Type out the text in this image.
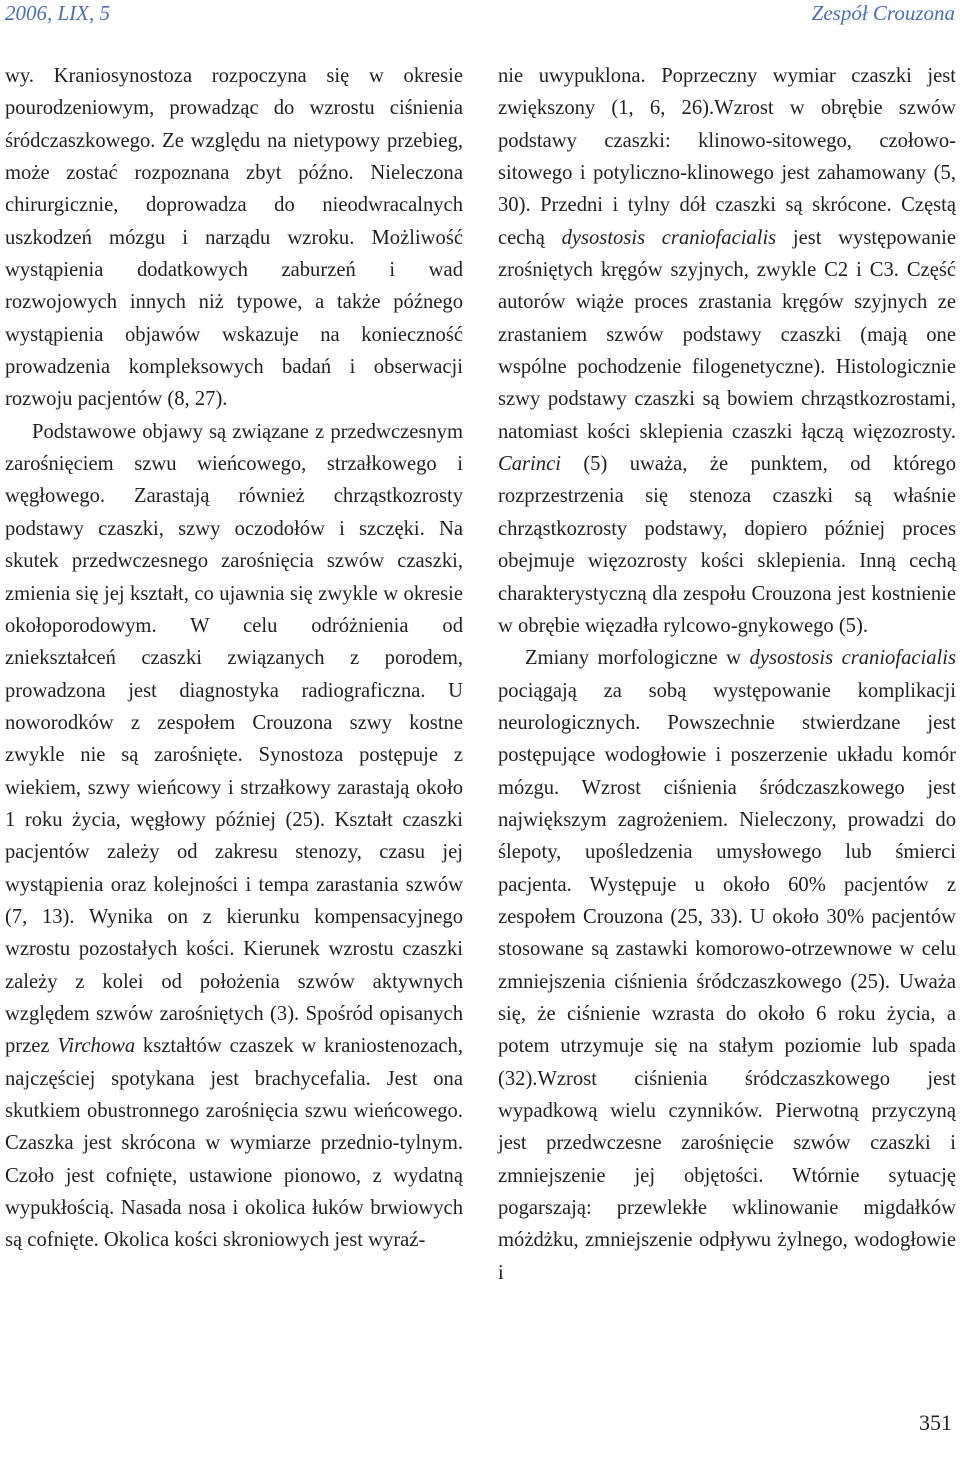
2006, LIX, 5	Zespół Crouzona

wy. Kraniosynostoza rozpoczyna się w okresie pourodzeniowym, prowadząc do wzrostu ciśnienia śródczaszkowego. Ze względu na nietypowy przebieg, może zostać rozpoznana zbyt późno. Nieleczona chirurgicznie, doprowadza do nieodwracalnych uszkodzeń mózgu i narządu wzroku. Możliwość wystąpienia dodatkowych zaburzeń i wad rozwojowych innych niż typowe, a także późnego wystąpienia objawów wskazuje na konieczność prowadzenia kompleksowych badań i obserwacji rozwoju pacjentów (8, 27).

Podstawowe objawy są związane z przedwczesnym zarośnięciem szwu wieńcowego, strzałkowego i węgłowego. Zarastają również chrząstkozrosty podstawy czaszki, szwy oczodołów i szczęki. Na skutek przedwczesnego zarośnięcia szwów czaszki, zmienia się jej kształt, co ujawnia się zwykle w okresie okołoporodowym. W celu odróżnienia od zniekształceń czaszki związanych z porodem, prowadzona jest diagnostyka radiograficzna. U noworodków z zespołem Crouzona szwy kostne zwykle nie są zarośnięte. Synostoza postępuje z wiekiem, szwy wieńcowy i strzałkowy zarastają około 1 roku życia, węgłowy później (25). Kształt czaszki pacjentów zależy od zakresu stenozy, czasu jej wystąpienia oraz kolejności i tempa zarastania szwów (7, 13). Wynika on z kierunku kompensacyjnego wzrostu pozostałych kości. Kierunek wzrostu czaszki zależy z kolei od położenia szwów aktywnych względem szwów zarośniętych (3). Spośród opisanych przez Virchowa kształtów czaszek w kraniostenozach, najczęściej spotykana jest brachycefalia. Jest ona skutkiem obustronnego zarośnięcia szwu wieńcowego. Czaszka jest skrócona w wymiarze przednio-tylnym. Czoło jest cofnięte, ustawione pionowo, z wydatną wypukłością. Nasada nosa i okolica łuków brwiowych są cofnięte. Okolica kości skroniowych jest wyraź-

nie uwypuklona. Poprzeczny wymiar czaszki jest zwiększony (1, 6, 26).Wzrost w obrębie szwów podstawy czaszki: klinowo-sitowego, czołowo-sitowego i potyliczno-klinowego jest zahamowany (5, 30). Przedni i tylny dół czaszki są skrócone. Częstą cechą dysostosis craniofacialis jest występowanie zrośniętych kręgów szyjnych, zwykle C2 i C3. Część autorów wiąże proces zrastania kręgów szyjnych ze zrastaniem szwów podstawy czaszki (mają one wspólne pochodzenie filogenetyczne). Histologicznie szwy podstawy czaszki są bowiem chrząstkozrostami, natomiast kości sklepienia czaszki łączą więzozrosty. Carinci (5) uważa, że punktem, od którego rozprzestrzenia się stenoza czaszki są właśnie chrząstkozrosty podstawy, dopiero później proces obejmuje więzozrosty kości sklepienia. Inną cechą charakterystyczną dla zespołu Crouzona jest kostnienie w obrębie więzadła rylcowo-gnykowego (5).

Zmiany morfologiczne w dysostosis craniofacialis pociągają za sobą występowanie komplikacji neurologicznych. Powszechnie stwierdzane jest postępujące wodogłowie i poszerzenie układu komór mózgu. Wzrost ciśnienia śródczaszkowego jest największym zagrożeniem. Nieleczony, prowadzi do ślepoty, upośledzenia umysłowego lub śmierci pacjenta. Występuje u około 60% pacjentów z zespołem Crouzona (25, 33). U około 30% pacjentów stosowane są zastawki komorowo-otrzewnowe w celu zmniejszenia ciśnienia śródczaszkowego (25). Uważa się, że ciśnienie wzrasta do około 6 roku życia, a potem utrzymuje się na stałym poziomie lub spada (32).Wzrost ciśnienia śródczaszkowego jest wypadkową wielu czynników. Pierwotną przyczyną jest przedwczesne zarośnięcie szwów czaszki i zmniejszenie jej objętości. Wtórnie sytuację pogarszają: przewlekłe wklinowanie migdałków móżdżku, zmniejszenie odpływu żylnego, wodogłowie i

351
